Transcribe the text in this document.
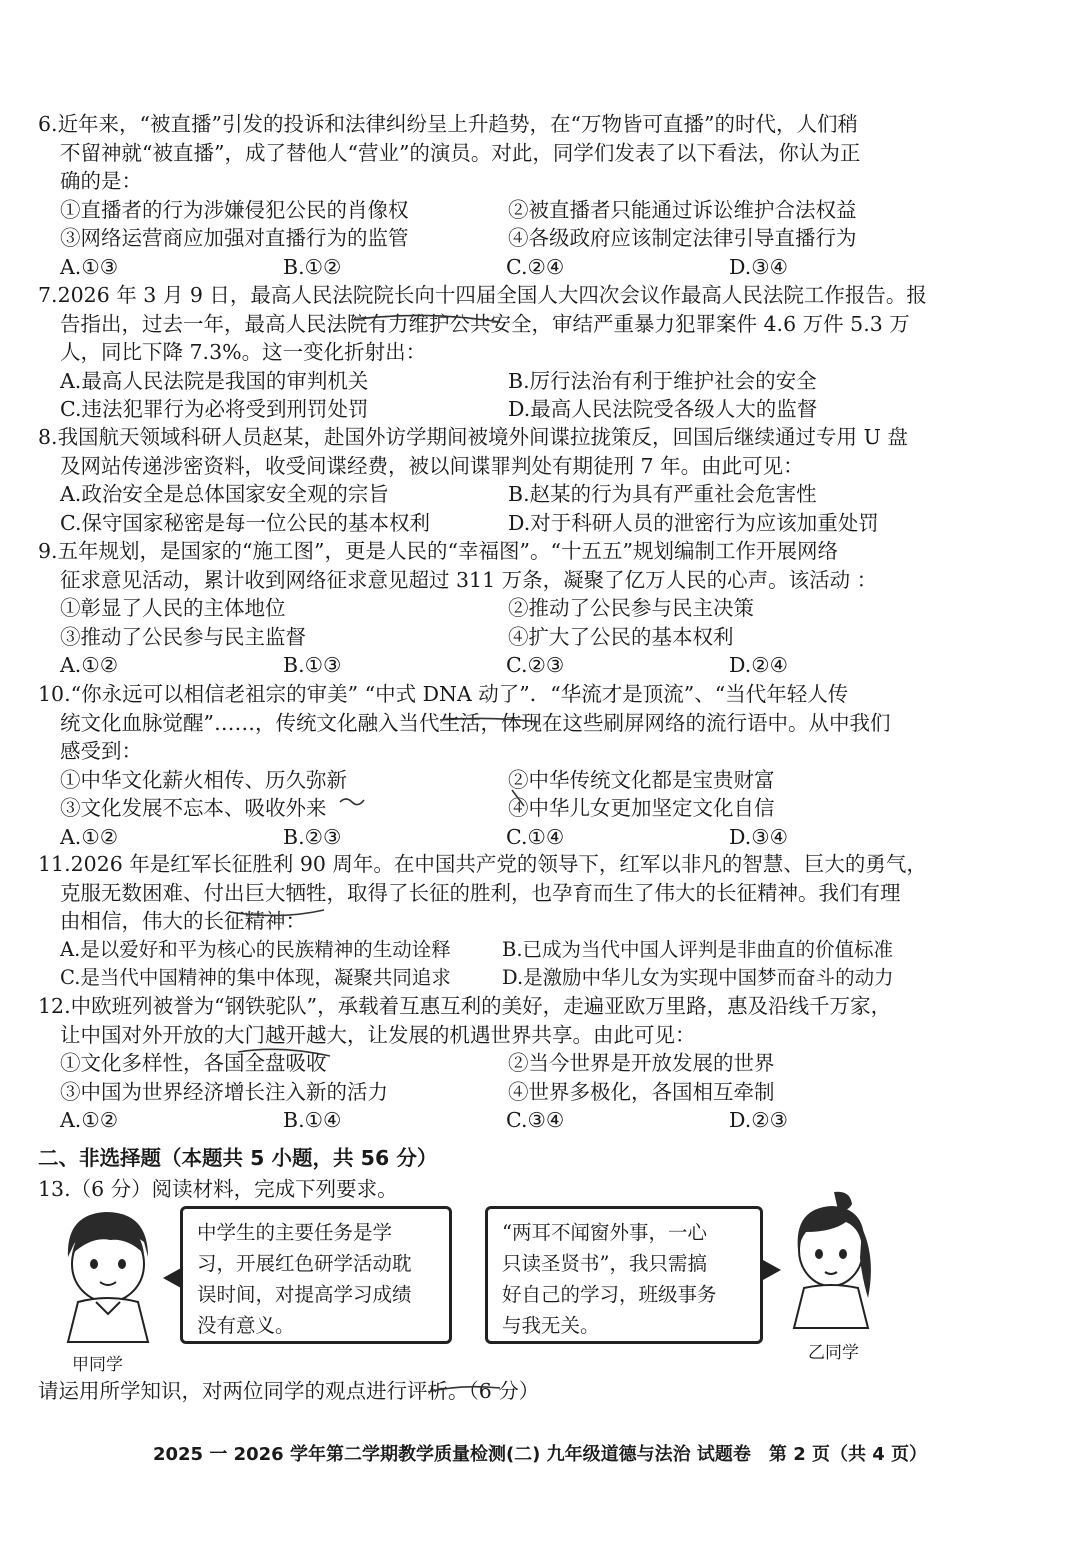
6.近年来，“被直播”引发的投诉和法律纠纷呈上升趋势，在“万物皆可直播”的时代，人们稍
不留神就“被直播”，成了替他人“营业”的演员。对此，同学们发表了以下看法，你认为正
确的是：
①直播者的行为涉嫌侵犯公民的肖像权	②被直播者只能通过诉讼维护合法权益
③网络运营商应加强对直播行为的监管	④各级政府应该制定法律引导直播行为
A.①③	B.①②	C.②④	D.③④
7.2026 年 3 月 9 日，最高人民法院院长向十四届全国人大四次会议作最高人民法院工作报告。报
告指出，过去一年，最高人民法院有力维护公共安全，审结严重暴力犯罪案件 4.6 万件 5.3 万
人，同比下降 7.3%。这一变化折射出：
A.最高人民法院是我国的审判机关	B.厉行法治有利于维护社会的安全
C.违法犯罪行为必将受到刑罚处罚	D.最高人民法院受各级人大的监督
8.我国航天领域科研人员赵某，赴国外访学期间被境外间谍拉拢策反，回国后继续通过专用 U 盘
及网站传递涉密资料，收受间谍经费，被以间谍罪判处有期徒刑 7 年。由此可见：
A.政治安全是总体国家安全观的宗旨	B.赵某的行为具有严重社会危害性
C.保守国家秘密是每一位公民的基本权利	D.对于科研人员的泄密行为应该加重处罚
9.五年规划，是国家的“施工图”，更是人民的“幸福图”。“十五五”规划编制工作开展网络
征求意见活动，累计收到网络征求意见超过 311 万条，凝聚了亿万人民的心声。该活动 ：
①彰显了人民的主体地位	②推动了公民参与民主决策
③推动了公民参与民主监督	④扩大了公民的基本权利
A.①②	B.①③	C.②③	D.②④
10.“你永远可以相信老祖宗的审美” “中式 DNA 动了”．“华流才是顶流”、“当代年轻人传
统文化血脉觉醒”……，传统文化融入当代生活，体现在这些刷屏网络的流行语中。从中我们
感受到：
①中华文化薪火相传、历久弥新	②中华传统文化都是宝贵财富
③文化发展不忘本、吸收外来	④中华儿女更加坚定文化自信
A.①②	B.②③	C.①④	D.③④
11.2026 年是红军长征胜利 90 周年。在中国共产党的领导下，红军以非凡的智慧、巨大的勇气，
克服无数困难、付出巨大牺牲，取得了长征的胜利，也孕育而生了伟大的长征精神。我们有理
由相信，伟大的长征精神：
A.是以爱好和平为核心的民族精神的生动诠释	B.已成为当代中国人评判是非曲直的价值标准
C.是当代中国精神的集中体现，凝聚共同追求	D.是激励中华儿女为实现中国梦而奋斗的动力
12.中欧班列被誉为“钢铁驼队”，承载着互惠互利的美好，走遍亚欧万里路，惠及沿线千万家，
让中国对外开放的大门越开越大，让发展的机遇世界共享。由此可见：
①文化多样性，各国全盘吸收	②当今世界是开放发展的世界
③中国为世界经济增长注入新的活力	④世界多极化，各国相互牵制
A.①②	B.①④	C.③④	D.②③
二、非选择题（本题共 5 小题，共 56 分）
13.（6 分）阅读材料，完成下列要求。
甲同学
中学生的主要任务是学
习，开展红色研学活动耽
误时间，对提高学习成绩
没有意义。
“两耳不闻窗外事，一心
只读圣贤书”，我只需搞
好自己的学习，班级事务
与我无关。
乙同学
请运用所学知识，对两位同学的观点进行评析。（6 分）
2025 一 2026 学年第二学期教学质量检测(二) 九年级道德与法治 试题卷　第 2 页（共 4 页）
